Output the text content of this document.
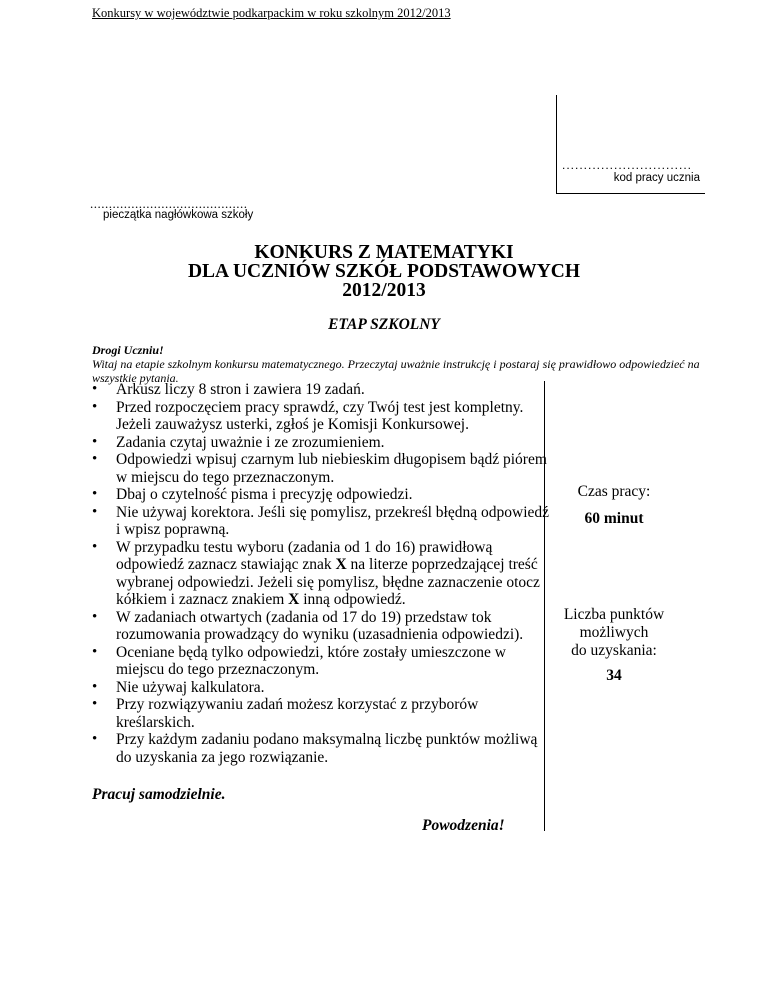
Konkursy w województwie podkarpackim w roku szkolnym 2012/2013
..............................
kod pracy ucznia
..........................................
pieczątka nagłówkowa szkoły
KONKURS Z MATEMATYKI
DLA UCZNIÓW SZKÓŁ PODSTAWOWYCH
2012/2013
ETAP SZKOLNY
Drogi Uczniu!
Witaj na etapie szkolnym konkursu matematycznego. Przeczytaj uważnie instrukcję i postaraj się prawidłowo odpowiedzieć na wszystkie pytania.
• Arkusz liczy 8 stron i zawiera 19 zadań.
• Przed rozpoczęciem pracy sprawdź, czy Twój test jest kompletny. Jeżeli zauważysz usterki, zgłoś je Komisji Konkursowej.
• Zadania czytaj uważnie i ze zrozumieniem.
• Odpowiedzi wpisuj czarnym lub niebieskim długopisem bądź piórem w miejscu do tego przeznaczonym.
• Dbaj o czytelność pisma i precyzję odpowiedzi.
• Nie używaj korektora. Jeśli się pomylisz, przekreśl błędną odpowiedź i wpisz poprawną.
• W przypadku testu wyboru (zadania od 1 do 16) prawidłową odpowiedź zaznacz stawiając znak X na literze poprzedzającej treść wybranej odpowiedzi. Jeżeli się pomylisz, błędne zaznaczenie otocz kółkiem i zaznacz znakiem X inną odpowiedź.
• W zadaniach otwartych (zadania od 17 do 19) przedstaw tok rozumowania prowadzący do wyniku (uzasadnienia odpowiedzi).
• Oceniane będą tylko odpowiedzi, które zostały umieszczone w miejscu do tego przeznaczonym.
• Nie używaj kalkulatora.
• Przy rozwiązywaniu zadań możesz korzystać z przyborów kreślarskich.
• Przy każdym zadaniu podano maksymalną liczbę punktów możliwą do uzyskania za jego rozwiązanie.
Czas pracy:
60 minut
Liczba punktów
możliwych
do uzyskania:
34
Pracuj samodzielnie.
Powodzenia!
